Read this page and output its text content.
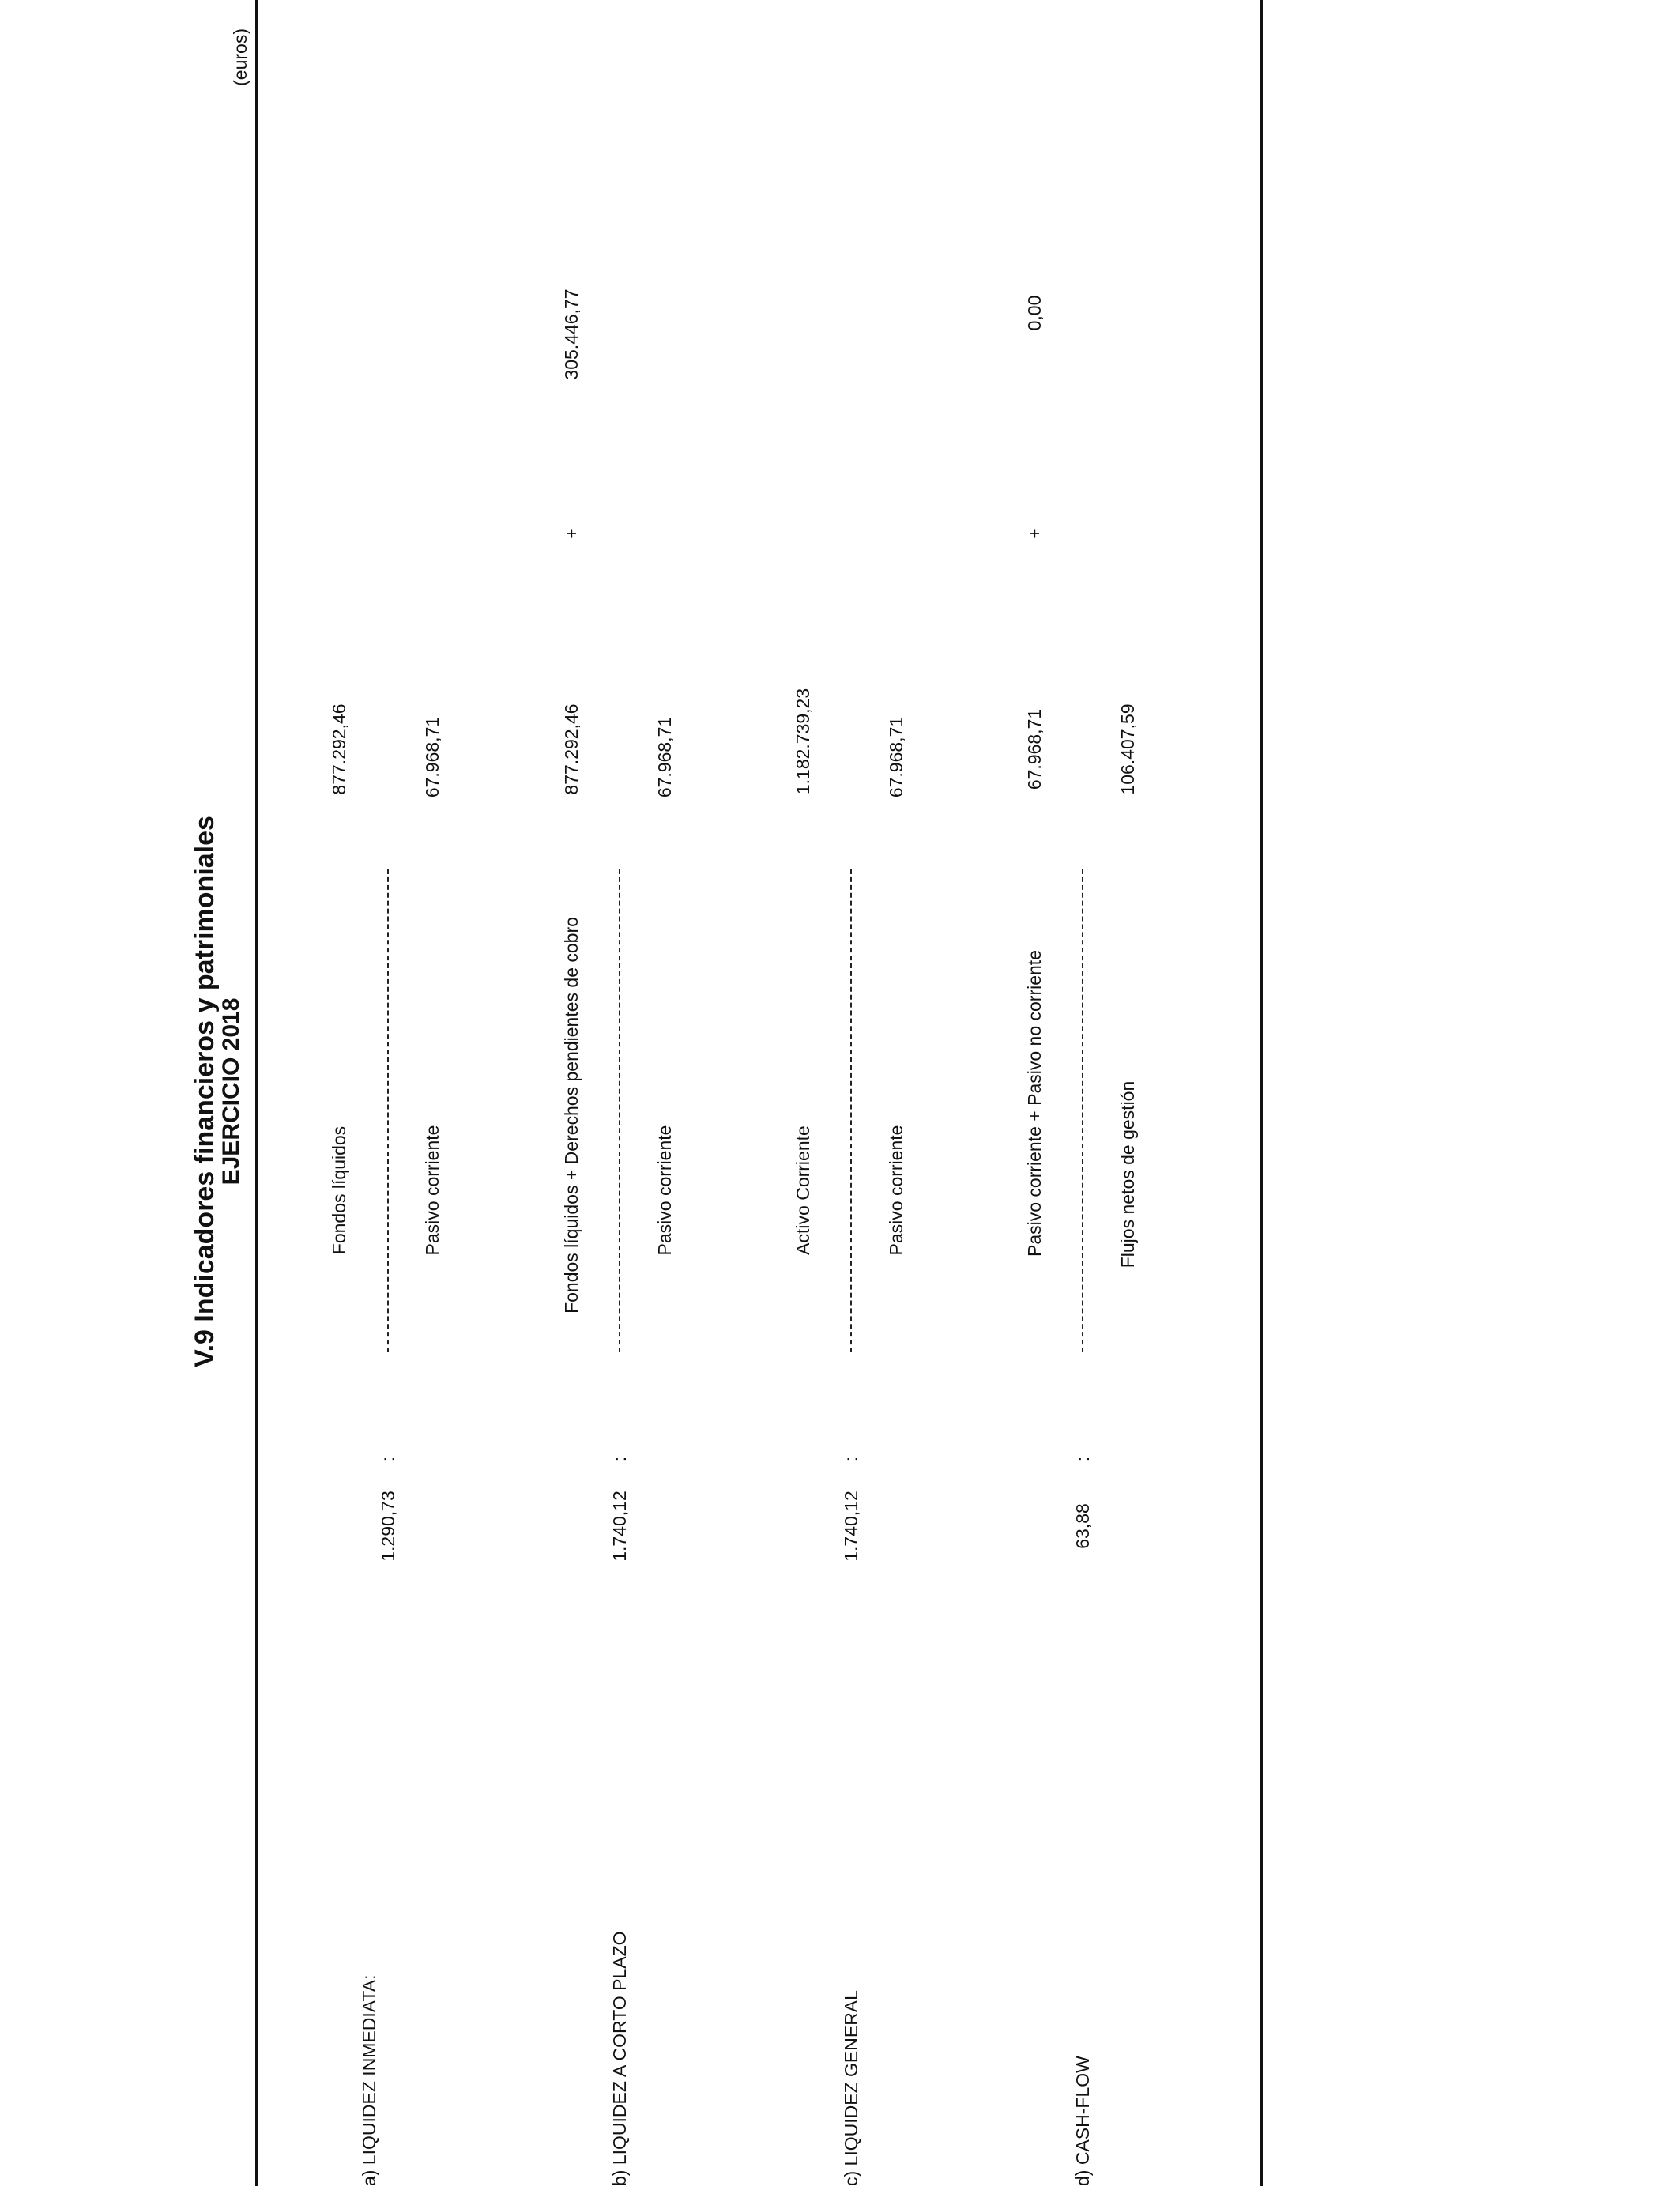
(euros)
V.9 Indicadores financieros y patrimoniales
EJERCICIO 2018
a) LIQUIDEZ INMEDIATA:
1.290,73
:
Fondos líquidos
877.292,46
Pasivo corriente
67.968,71
b) LIQUIDEZ A CORTO PLAZO
1.740,12
:
Fondos líquidos + Derechos pendientes de cobro
877.292,46
+
305.446,77
Pasivo corriente
67.968,71
c) LIQUIDEZ GENERAL
1.740,12
:
Activo Corriente
1.182.739,23
Pasivo corriente
67.968,71
d) CASH-FLOW
63,88
:
Pasivo corriente + Pasivo no corriente
67.968,71
+
0,00
Flujos netos de gestión
106.407,59
